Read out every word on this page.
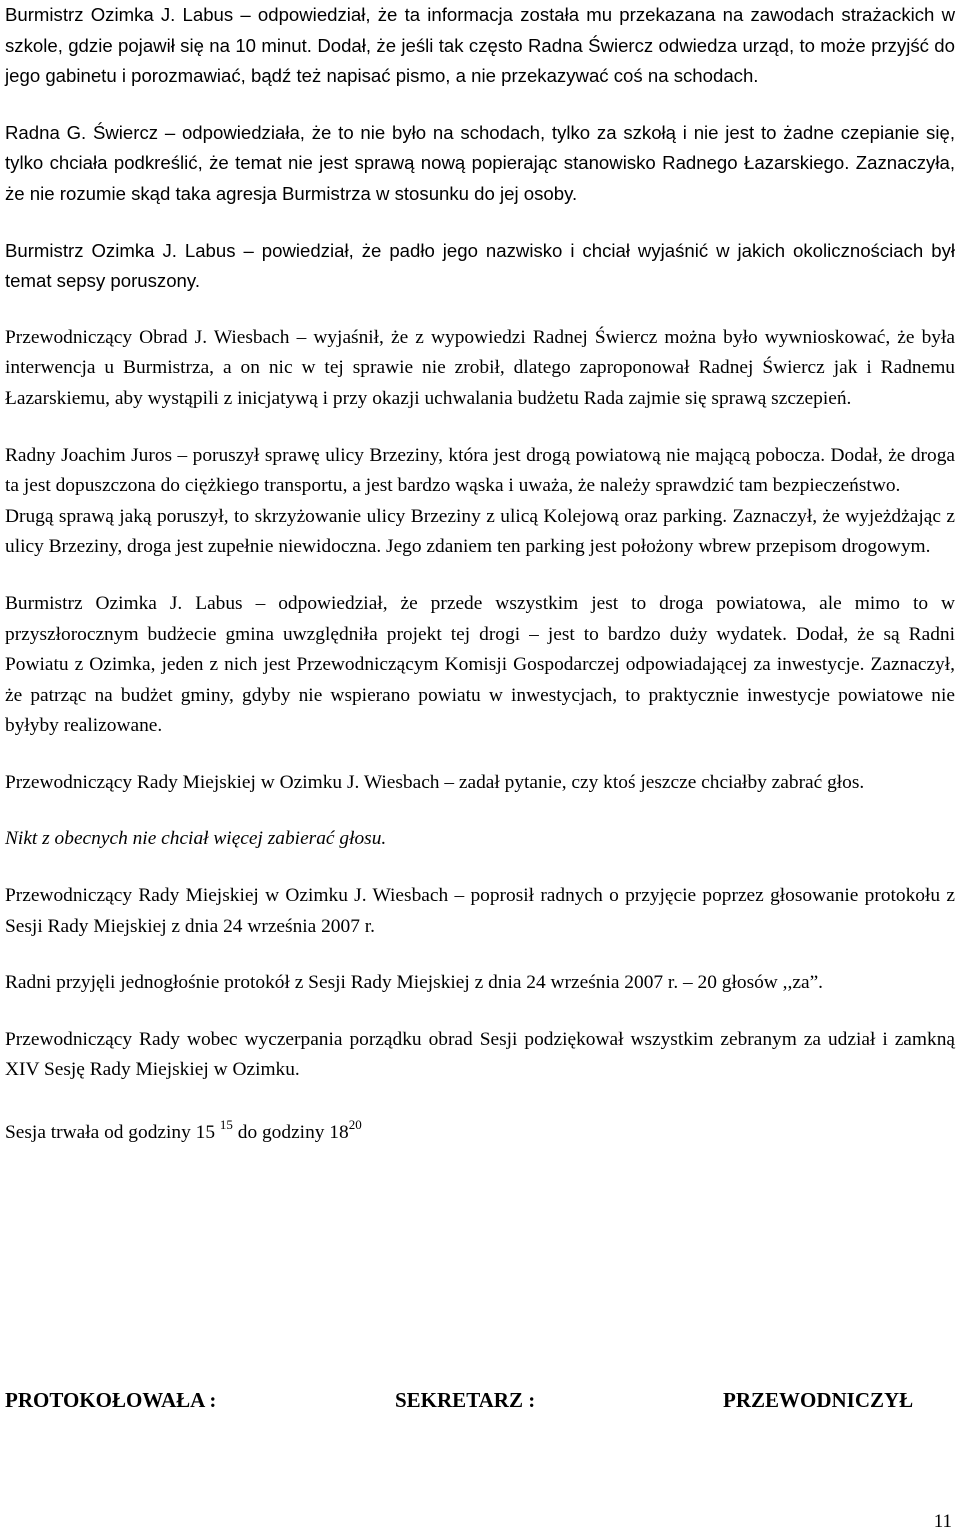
Burmistrz Ozimka J. Labus – odpowiedział, że ta informacja została mu przekazana na zawodach strażackich w szkole, gdzie pojawił się na 10 minut. Dodał, że jeśli tak często Radna Świercz odwiedza urząd, to może przyjść do jego gabinetu i porozmawiać, bądź też napisać pismo, a nie przekazywać coś na schodach.

Radna G. Świercz – odpowiedziała, że to nie było na schodach, tylko za szkołą i nie jest to żadne czepianie się, tylko chciała podkreślić, że temat nie jest sprawą nową popierając stanowisko Radnego Łazarskiego. Zaznaczyła, że nie rozumie skąd taka agresja Burmistrza w stosunku do jej osoby.

Burmistrz Ozimka J. Labus – powiedział, że padło jego nazwisko i chciał wyjaśnić w jakich okolicznościach był temat sepsy poruszony.

Przewodniczący Obrad J. Wiesbach – wyjaśnił, że z wypowiedzi Radnej Świercz można było wywnioskować, że była interwencja u Burmistrza, a on nic w tej sprawie nie zrobił, dlatego zaproponował Radnej Świercz jak i Radnemu Łazarskiemu, aby wystąpili z inicjatywą i przy okazji uchwalania budżetu Rada zajmie się sprawą szczepień.

Radny Joachim Juros – poruszył sprawę ulicy Brzeziny, która jest drogą powiatową nie mającą pobocza. Dodał, że droga ta jest dopuszczona do ciężkiego transportu, a jest bardzo wąska i uważa, że należy sprawdzić tam bezpieczeństwo.

Drugą sprawą jaką poruszył, to skrzyżowanie ulicy Brzeziny z ulicą Kolejową oraz parking. Zaznaczył, że wyjeżdżając z ulicy Brzeziny, droga jest zupełnie niewidoczna. Jego zdaniem ten parking jest położony wbrew przepisom drogowym.

Burmistrz Ozimka J. Labus – odpowiedział, że przede wszystkim jest to droga powiatowa, ale mimo to w przyszłorocznym budżecie gmina uwzględniła projekt tej drogi – jest to bardzo duży wydatek. Dodał, że są Radni Powiatu z Ozimka, jeden z nich jest Przewodniczącym Komisji Gospodarczej odpowiadającej za inwestycje. Zaznaczył, że patrząc na budżet gminy, gdyby nie wspierano powiatu w inwestycjach, to praktycznie inwestycje powiatowe nie byłyby realizowane.

Przewodniczący Rady Miejskiej w Ozimku J. Wiesbach – zadał pytanie, czy ktoś jeszcze chciałby zabrać głos.

Nikt z obecnych nie chciał więcej zabierać głosu.

Przewodniczący Rady Miejskiej w Ozimku J. Wiesbach – poprosił radnych o przyjęcie poprzez głosowanie protokołu z Sesji Rady Miejskiej z dnia 24 września 2007 r.

Radni przyjęli jednogłośnie protokół z Sesji Rady Miejskiej z dnia 24 września 2007 r. – 20 głosów ,,za”.

Przewodniczący Rady wobec wyczerpania porządku obrad Sesji podziękował wszystkim zebranym za udział i zamkną XIV Sesję Rady Miejskiej w Ozimku.

Sesja trwała od godziny 15 $^{15}$ do godziny $18^{20}$

PROTOKOŁOWAŁA :	SEKRETARZ :	PRZEWODNICZYŁ
11
